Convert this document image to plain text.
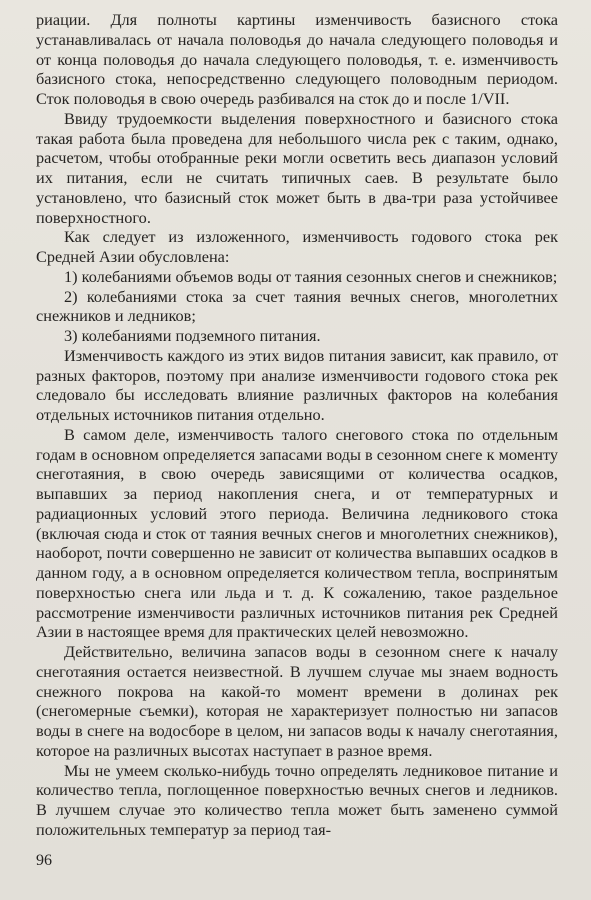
риации. Для полноты картины изменчивость базисного стока устанавливалась от начала половодья до начала следующего половодья и от конца половодья до начала следующего половодья, т. е. изменчивость базисного стока, непосредственно следующего половодным периодом. Сток половодья в свою очередь разбивался на сток до и после 1/VII.

Ввиду трудоемкости выделения поверхностного и базисного стока такая работа была проведена для небольшого числа рек с таким, однако, расчетом, чтобы отобранные реки могли осветить весь диапазон условий их питания, если не считать типичных саев. В результате было установлено, что базисный сток может быть в два-три раза устойчивее поверхностного.

Как следует из изложенного, изменчивость годового стока рек Средней Азии обусловлена:

1) колебаниями объемов воды от таяния сезонных снегов и снежников;

2) колебаниями стока за счет таяния вечных снегов, многолетних снежников и ледников;

3) колебаниями подземного питания.

Изменчивость каждого из этих видов питания зависит, как правило, от разных факторов, поэтому при анализе изменчивости годового стока рек следовало бы исследовать влияние различных факторов на колебания отдельных источников питания отдельно.

В самом деле, изменчивость талого снегового стока по отдельным годам в основном определяется запасами воды в сезонном снеге к моменту снеготаяния, в свою очередь зависящими от количества осадков, выпавших за период накопления снега, и от температурных и радиационных условий этого периода. Величина ледникового стока (включая сюда и сток от таяния вечных снегов и многолетних снежников), наоборот, почти совершенно не зависит от количества выпавших осадков в данном году, а в основном определяется количеством тепла, воспринятым поверхностью снега или льда и т. д. К сожалению, такое раздельное рассмотрение изменчивости различных источников питания рек Средней Азии в настоящее время для практических целей невозможно.

Действительно, величина запасов воды в сезонном снеге к началу снеготаяния остается неизвестной. В лучшем случае мы знаем водность снежного покрова на какой-то момент времени в долинах рек (снегомерные съемки), которая не характеризует полностью ни запасов воды в снеге на водосборе в целом, ни запасов воды к началу снеготаяния, которое на различных высотах наступает в разное время.

Мы не умеем сколько-нибудь точно определять ледниковое питание и количество тепла, поглощенное поверхностью вечных снегов и ледников. В лучшем случае это количество тепла может быть заменено суммой положительных температур за период тая-

96
